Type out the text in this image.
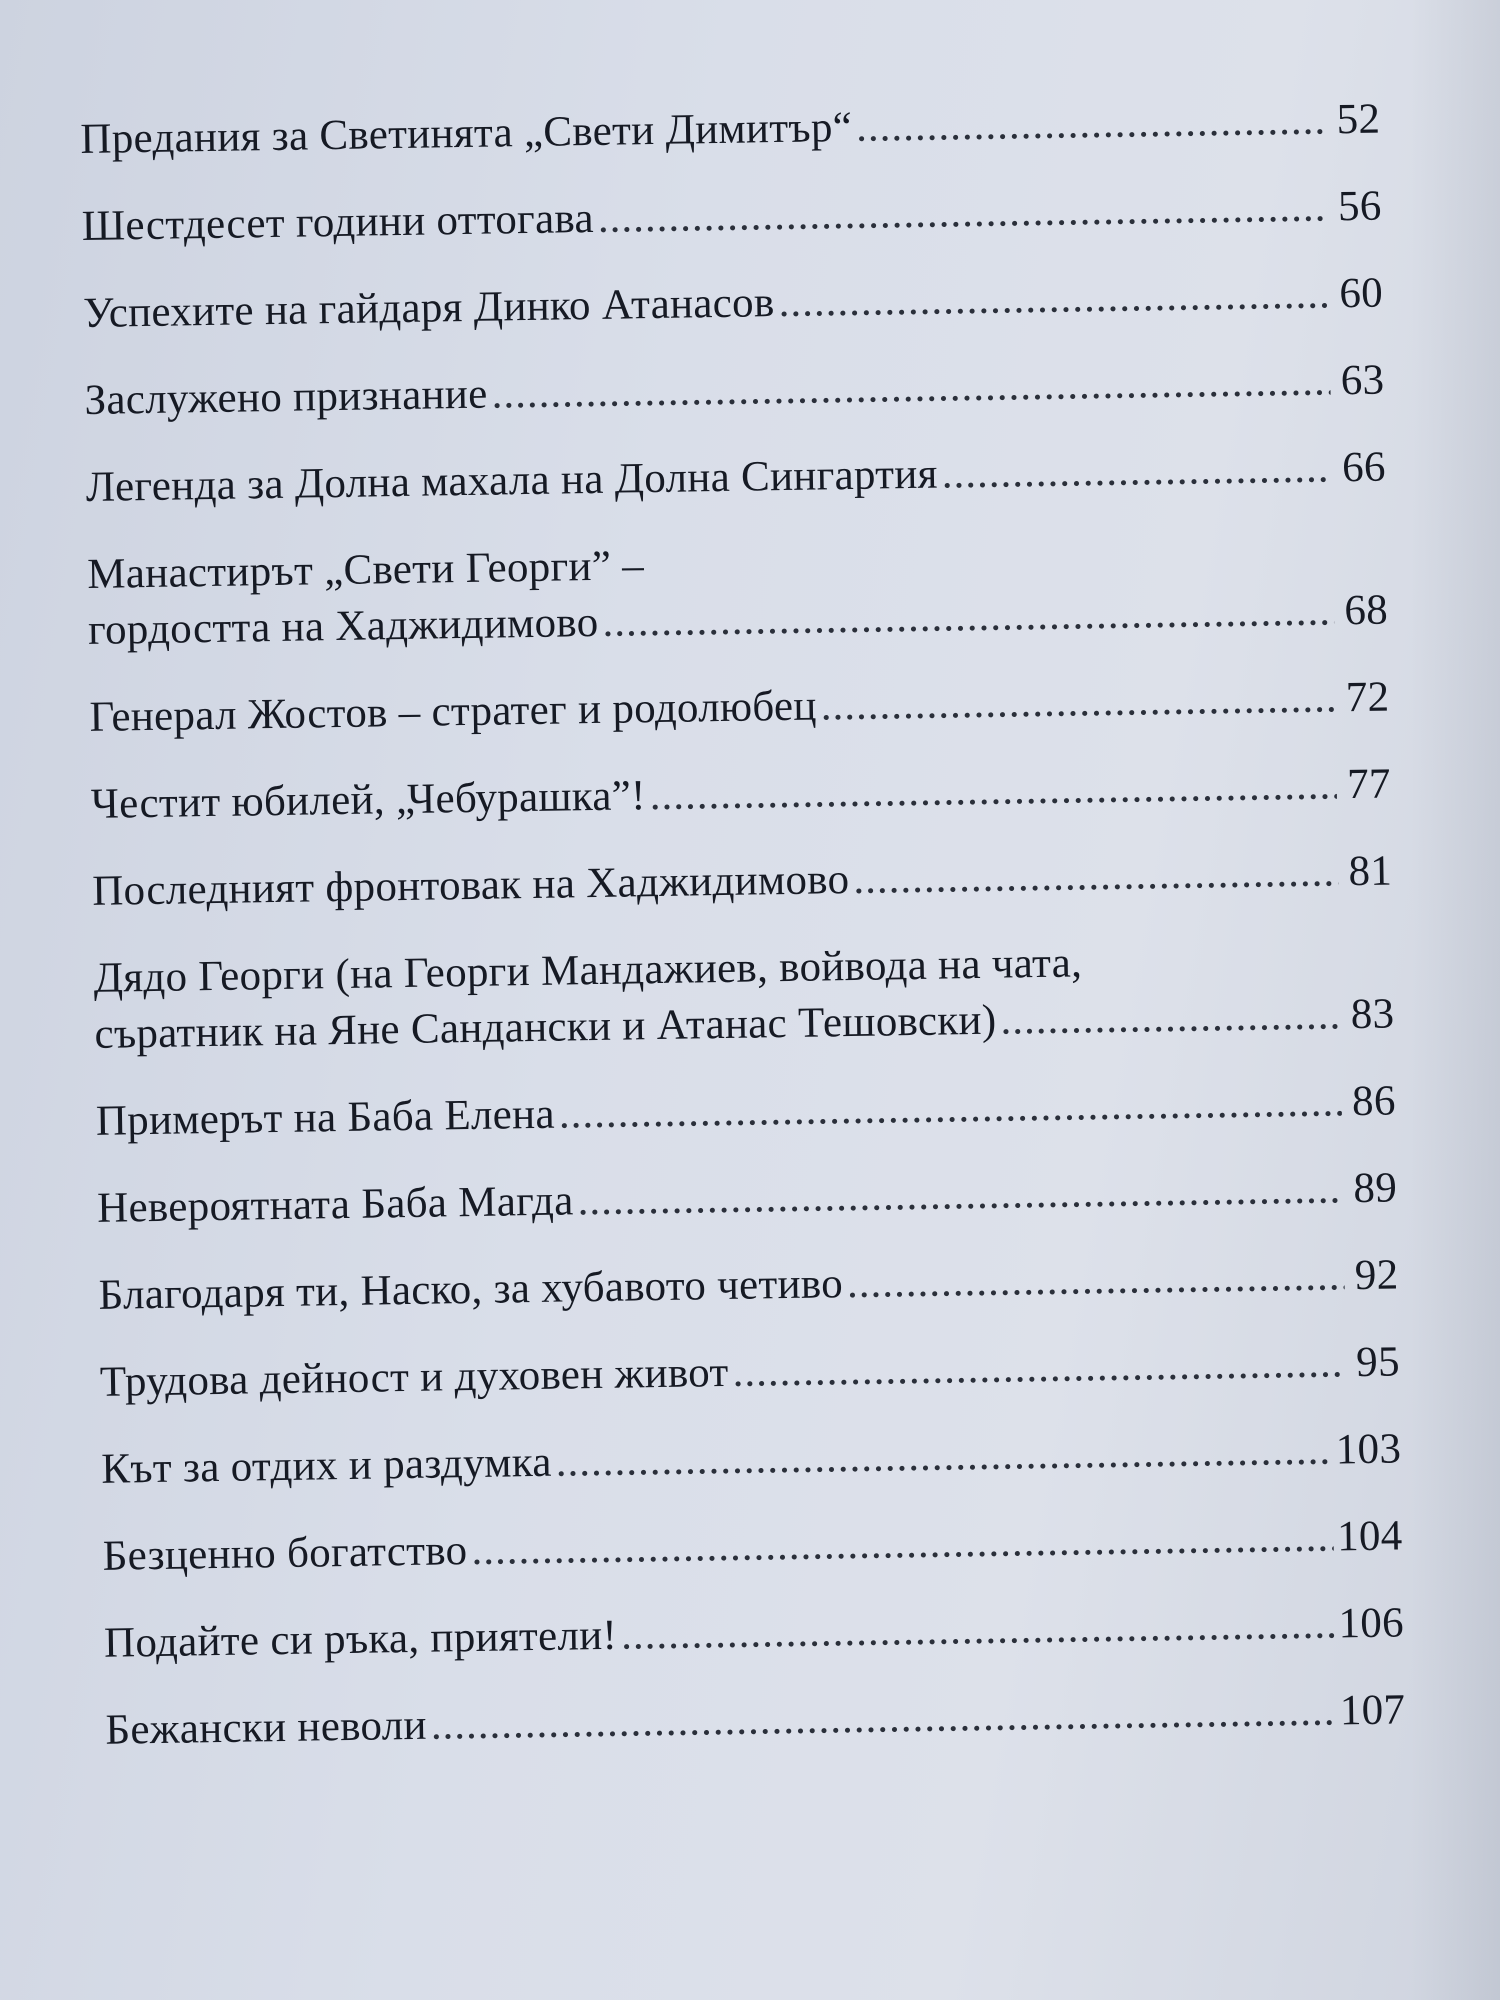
Предания за Светинята „Свети Димитър“ .....	52
Шестдесет години оттогава .....	56
Успехите на гайдаря Динко Атанасов .....	60
Заслужено признание .....	63
Легенда за Долна махала на Долна Сингартия .....	66
Манастирът „Свети Георги” –
гордостта на Хаджидимово .....	68
Генерал Жостов – стратег и родолюбец .....	72
Честит юбилей, „Чебурашка”! .....	77
Последният фронтовак на Хаджидимово .....	81
Дядо Георги (на Георги Мандажиев, войвода на чата,
съратник на Яне Сандански и Атанас Тешовски) .....	83
Примерът на Баба Елена .....	86
Невероятната Баба Магда .....	89
Благодаря ти, Наско, за хубавото четиво .....	92
Трудова дейност и духовен живот .....	95
Кът за отдих и раздумка .....	103
Безценно богатство .....	104
Подайте си ръка, приятели! .....	106
Бежански неволи .....	107
